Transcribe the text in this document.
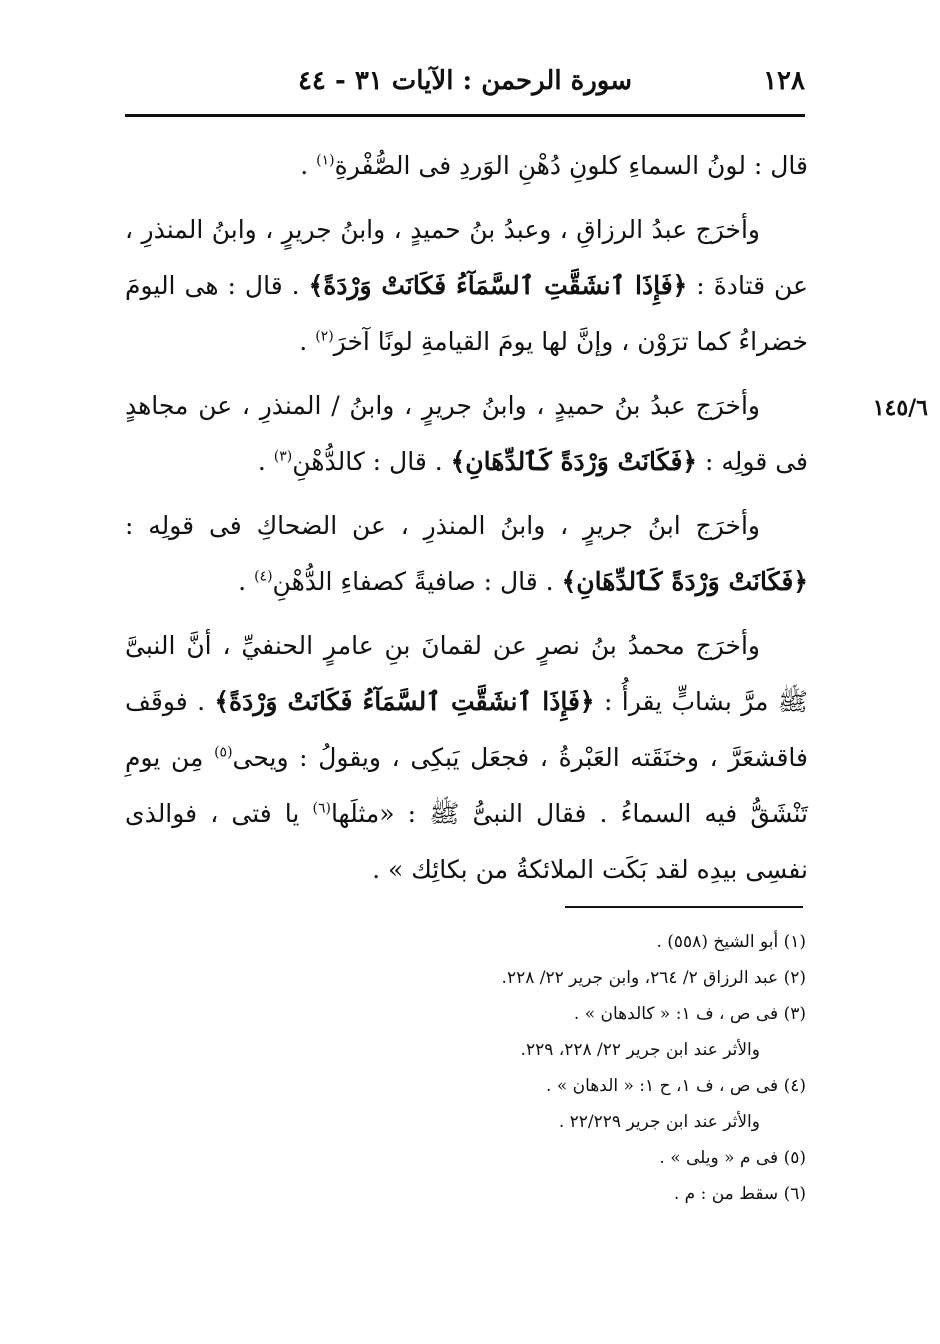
١٢٨
سورة الرحمن : الآيات ٣١ - ٤٤
١٤٥/٦

قال : لونُ السماءِ كلونِ دُهْنِ الوَردِ فى الصُّفْرةِ$^{(١)}$ .

وأخرَج عبدُ الرزاقِ ، وعبدُ بنُ حميدٍ ، وابنُ جريرٍ ، وابنُ المنذرِ ، عن قتادةَ : ﴿فَإِذَا ٱنشَقَّتِ ٱلسَّمَآءُ فَكَانَتْ وَرْدَةً﴾ . قال : هى اليومَ خضراءُ كما ترَوْن ، وإنَّ لها يومَ القيامةِ لونًا آخرَ$^{(٢)}$ .

وأخرَج عبدُ بنُ حميدٍ ، وابنُ جريرٍ ، وابنُ / المنذرِ ، عن مجاهدٍ فى قولِه : ﴿فَكَانَتْ وَرْدَةً كَٱلدِّهَانِ﴾ . قال : كالدُّهْنِ$^{(٣)}$ .

وأخرَج ابنُ جريرٍ ، وابنُ المنذرِ ، عن الضحاكِ فى قولِه : ﴿فَكَانَتْ وَرْدَةً كَٱلدِّهَانِ﴾ . قال : صافيةً كصفاءِ الدُّهْنِ$^{(٤)}$ .

وأخرَج محمدُ بنُ نصرٍ عن لقمانَ بنِ عامرٍ الحنفيِّ ، أنَّ النبىَّ ﷺ مرَّ بشابٍّ يقرأُ : ﴿فَإِذَا ٱنشَقَّتِ ٱلسَّمَآءُ فَكَانَتْ وَرْدَةً﴾ . فوقَف فاقشعَرَّ ، وخنَقَته العَبْرةُ ، فجعَل يَبكِى ، ويقولُ : ويحى$^{(٥)}$ مِن يومِ تَنْشَقُّ فيه السماءُ . فقال النبىُّ ﷺ : «مثلَها$^{(٦)}$ يا فتى ، فوالذى نفسِى بيدِه لقد بَكَت الملائكةُ من بكائِك » .

(١) أبو الشيخ (٥٥٨) .

(٢) عبد الرزاق ٢/ ٢٦٤، وابن جرير ٢٢/ ٢٢٨.

(٣) فى ص ، ف ١: « كالدهان » .

والأثر عند ابن جرير ٢٢/ ٢٢٨، ٢٢٩.

(٤) فى ص ، ف ١، ح ١: « الدهان » .

والأثر عند ابن جرير ٢٢/٢٢٩ .

(٥) فى م « ويلى » .

(٦) سقط من : م .
